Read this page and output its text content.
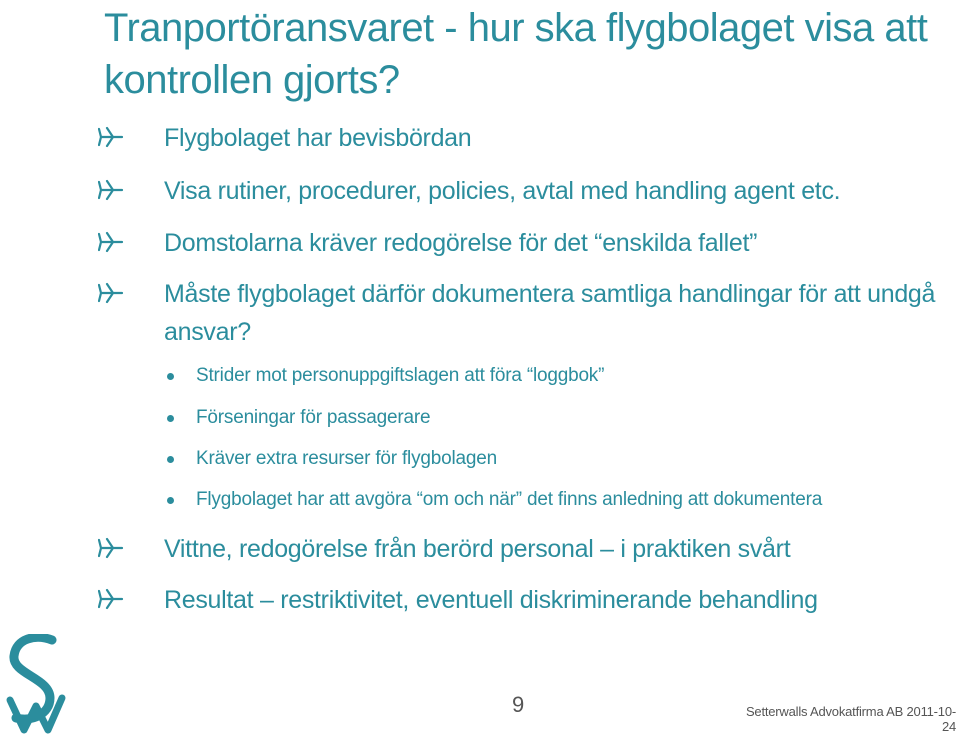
Tranportöransvaret - hur ska flygbolaget visa att kontrollen gjorts?
Flygbolaget har bevisbördan
Visa rutiner, procedurer, policies, avtal med handling agent etc.
Domstolarna kräver redogörelse för det “enskilda fallet”
Måste flygbolaget därför dokumentera samtliga handlingar för att undgå ansvar?
Strider mot personuppgiftslagen att föra “loggbok”
Förseningar för passagerare
Kräver extra resurser för flygbolagen
Flygbolaget har att avgöra “om och när” det finns anledning att dokumentera
Vittne, redogörelse från berörd personal – i praktiken svårt
Resultat – restriktivitet, eventuell diskriminerande behandling
9	Setterwalls Advokatfirma AB 2011-10-24
